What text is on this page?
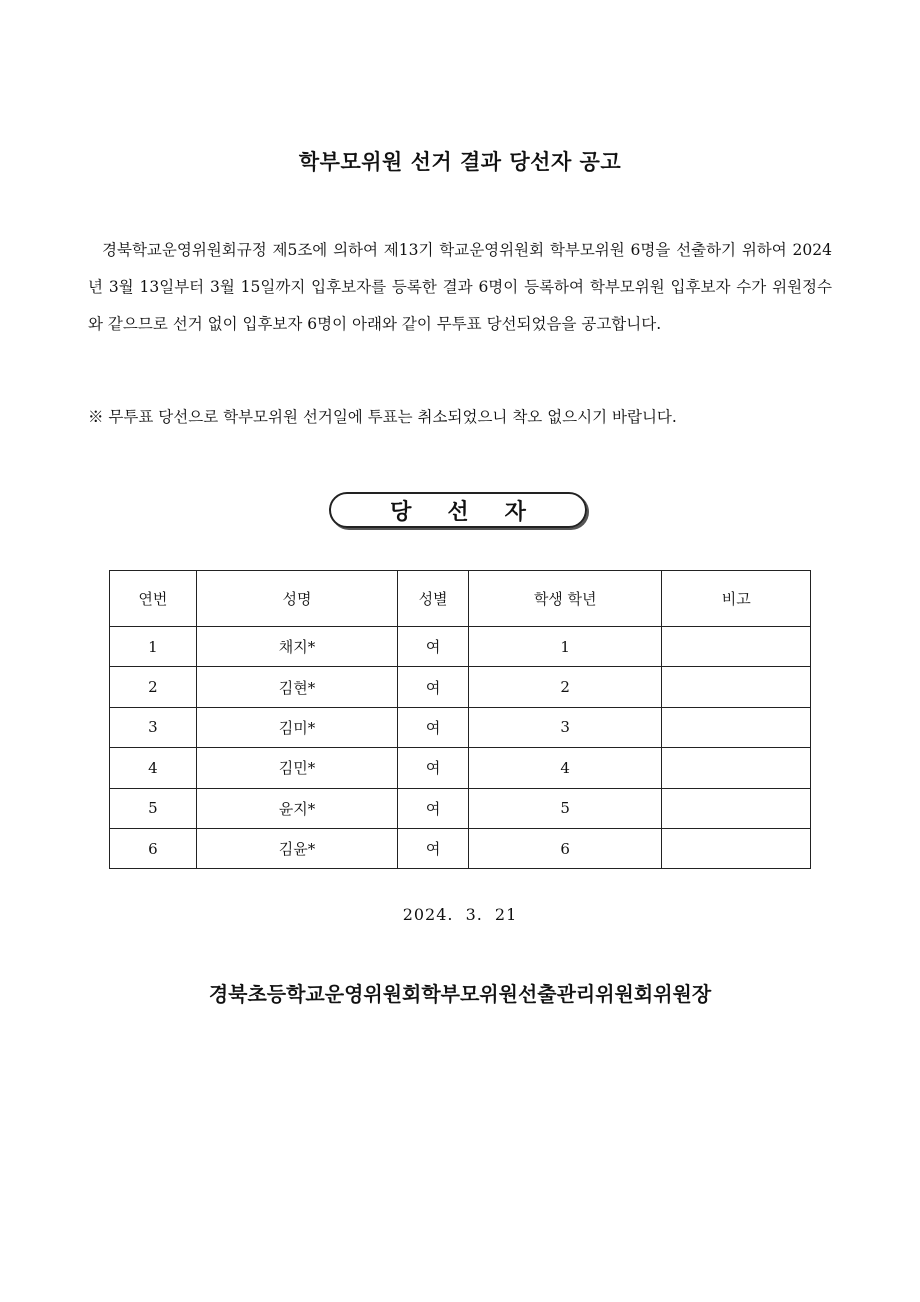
학부모위원 선거 결과 당선자 공고
경북학교운영위원회규정 제5조에 의하여 제13기 학교운영위원회 학부모위원 6명을 선출하기 위하여 2024년 3월 13일부터 3월 15일까지 입후보자를 등록한 결과 6명이 등록하여 학부모위원 입후보자 수가 위원정수와 같으므로 선거 없이 입후보자 6명이 아래와 같이 무투표 당선되었음을 공고합니다.
※ 무투표 당선으로 학부모위원 선거일에 투표는 취소되었으니 착오 없으시기 바랍니다.
당선자
연번	성명	성별	학생 학년	비고
1	채지*	여	1	
2	김현*	여	2	
3	김미*	여	3	
4	김민*	여	4	
5	윤지*	여	5	
6	김윤*	여	6	
2024. 3. 21
경북초등학교운영위원회학부모위원선출관리위원회위원장
